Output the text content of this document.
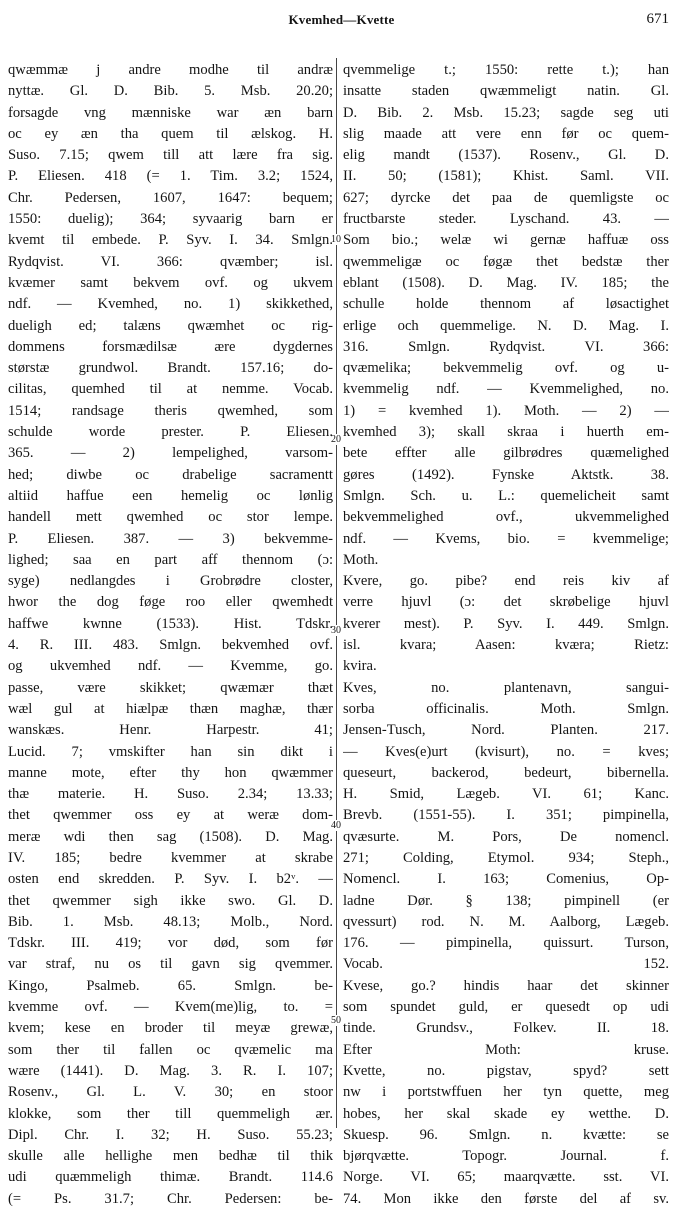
Kvemhed—Kvette	671
10
20
30
40
50
qwæmmæ j andre modhe til andræ
nyttæ. Gl. D. Bib. 5. Msb. 20.20;
forsagde vng mænniske war æn barn
oc ey æn tha quem til ælskog. H.
Suso. 7.15; qwem till att lære fra sig.
P. Eliesen. 418 (= 1. Tim. 3.2; 1524,
Chr. Pedersen, 1607, 1647: bequem;
1550: duelig); 364; syvaarig barn er
kvemt til embede. P. Syv. I. 34. Smlgn.
Rydqvist. VI. 366: qvæmber; isl.
kvæmer samt bekvem ovf. og ukvem
ndf. — Kvemhed, no. 1) skikkethed,
dueligh ed; talæns qwæmhet oc rig-
dommens forsmædilsæ ære dygdernes
størstæ grundwol. Brandt. 157.16; do-
cilitas, quemhed til at nemme. Vocab.
1514; randsage theris qwemhed, som
schulde worde prester. P. Eliesen.
365. — 2) lempelighed, varsom-
hed; diwbe oc drabelige sacramentt
altiid haffue een hemelig oc lønlig
handell mett qwemhed oc stor lempe.
P. Eliesen. 387. — 3) bekvemme-
lighed; saa en part aff thennom (ɔ:
syge) nedlangdes i Grobrødre closter,
hwor the dog føge roo eller qwemhedt
haffwe kwnne (1533). Hist. Tdskr.
4. R. III. 483. Smlgn. bekvemhed ovf.
og ukvemhed ndf. — Kvemme, go.
passe, være skikket; qwæmær thæt
wæl gul at hiælpæ thæn maghæ, thær
wanskæs. Henr. Harpestr. 41;
Lucid. 7; vmskifter han sin dikt i
manne mote, efter thy hon qwæmmer
thæ materie. H. Suso. 2.34; 13.33;
thet qwemmer oss ey at weræ dom-
meræ wdi then sag (1508). D. Mag.
IV. 185; bedre kvemmer at skrabe
osten end skredden. P. Syv. I. b2ᵛ. —
thet qwemmer sigh ikke swo. Gl. D.
Bib. 1. Msb. 48.13; Molb., Nord.
Tdskr. III. 419; vor død, som før
var straf, nu os til gavn sig qvemmer.
Kingo, Psalmeb. 65. Smlgn. be-
kvemme ovf. — Kvem(me)lig, to. =
kvem; kese en broder til meyæ grewæ,
som ther til fallen oc qvæmelic ma
wære (1441). D. Mag. 3. R. I. 107;
Rosenv., Gl. L. V. 30; en stoor
klokke, som ther till quemmeligh ær.
Dipl. Chr. I. 32; H. Suso. 55.23;
skulle alle hellighe men bedhæ til thik
udi quæmmeligh thimæ. Brandt. 114.6
(= Ps. 31.7; Chr. Pedersen: be-
qvemmelige t.; 1550: rette t.); han
insatte staden qwæmmeligt natin. Gl.
D. Bib. 2. Msb. 15.23; sagde seg uti
slig maade att vere enn før oc quem-
elig mandt (1537). Rosenv., Gl. D.
II. 50; (1581); Khist. Saml. VII.
627; dyrcke det paa de quemligste oc
fructbarste steder. Lyschand. 43. —
Som bio.; welæ wi gernæ haffuæ oss
qwemmeligæ oc føgæ thet bedstæ ther
eblant (1508). D. Mag. IV. 185; the
schulle holde thennom af løsactighet
erlige och quemmelige. N. D. Mag. I.
316. Smlgn. Rydqvist. VI. 366:
qvæmelika; bekvemmelig ovf. og u-
kvemmelig ndf. — Kvemmelighed, no.
1) = kvemhed 1). Moth. — 2) —
kvemhed 3); skall skraa i huerth em-
bete effter alle gilbrødres quæmelighed
gøres (1492). Fynske Aktstk. 38.
Smlgn. Sch. u. L.: quemelicheit samt
bekvemmelighed ovf., ukvemmelighed
ndf. — Kvems, bio. = kvemmelige;
Moth.
Kvere, go. pibe? end reis kiv af
verre hjuvl (ɔ: det skrøbelige hjuvl
kverer mest). P. Syv. I. 449. Smlgn.
isl. kvara; Aasen: kværa; Rietz:
kvira.
Kves, no. plantenavn, sangui-
sorba officinalis. Moth. Smlgn.
Jensen-Tusch, Nord. Planten. 217.
— Kves(e)urt (kvisurt), no. = kves;
queseurt, backerod, bedeurt, bibernella.
H. Smid, Lægeb. VI. 61; Kanc.
Brevb. (1551-55). I. 351; pimpinella,
qvæsurte. M. Pors, De nomencl.
271; Colding, Etymol. 934; Steph.,
Nomencl. I. 163; Comenius, Op-
ladne Dør. § 138; pimpinell (er
qvessurt) rod. N. M. Aalborg, Lægeb.
176. — pimpinella, quissurt. Turson,
Vocab. 152.
Kvese, go.? hindis haar det skinner
som spundet guld, er quesedt op udi
tinde. Grundsv., Folkev. II. 18.
Efter Moth: kruse.
Kvette, no. pigstav, spyd? sett
nw i portstwffuen her tyn quette, meg
hobes, her skal skade ey wetthe. D.
Skuesp. 96. Smlgn. n. kvætte: se
bjørqvætte. Topogr. Journal. f.
Norge. VI. 65; maarqvætte. sst. VI.
74. Mon ikke den første del af sv.
